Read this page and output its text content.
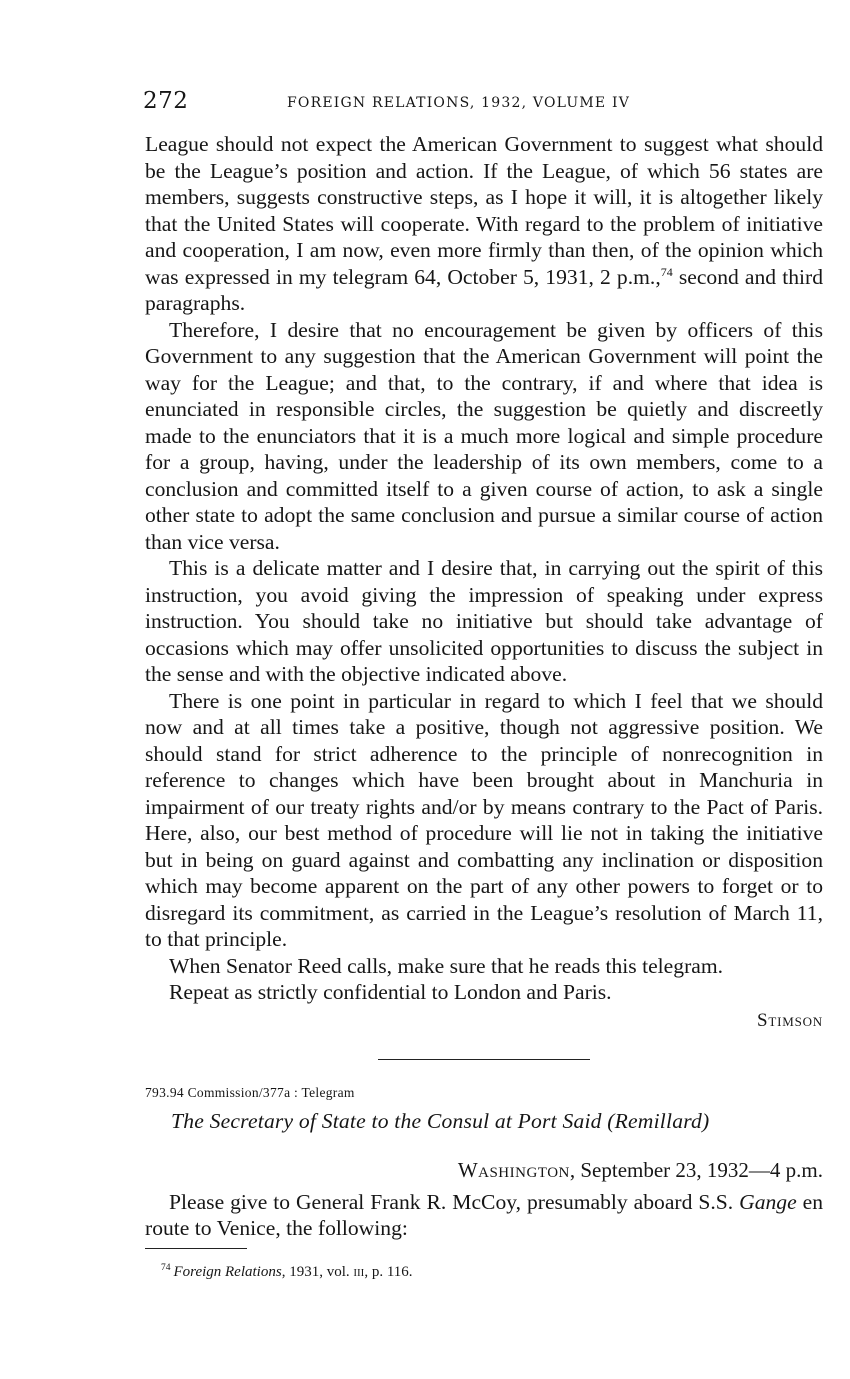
272	FOREIGN RELATIONS, 1932, VOLUME IV

League should not expect the American Government to suggest what should be the League’s position and action. If the League, of which 56 states are members, suggests constructive steps, as I hope it will, it is altogether likely that the United States will cooperate. With regard to the problem of initiative and cooperation, I am now, even more firmly than then, of the opinion which was expressed in my telegram 64, October 5, 1931, 2 p.m.,$^{74}$ second and third paragraphs.

Therefore, I desire that no encouragement be given by officers of this Government to any suggestion that the American Government will point the way for the League; and that, to the contrary, if and where that idea is enunciated in responsible circles, the suggestion be quietly and discreetly made to the enunciators that it is a much more logical and simple procedure for a group, having, under the leadership of its own members, come to a conclusion and committed itself to a given course of action, to ask a single other state to adopt the same conclusion and pursue a similar course of action than vice versa.

This is a delicate matter and I desire that, in carrying out the spirit of this instruction, you avoid giving the impression of speaking under express instruction. You should take no initiative but should take advantage of occasions which may offer unsolicited opportunities to discuss the subject in the sense and with the objective indicated above.

There is one point in particular in regard to which I feel that we should now and at all times take a positive, though not aggressive position. We should stand for strict adherence to the principle of nonrecognition in reference to changes which have been brought about in Manchuria in impairment of our treaty rights and/or by means contrary to the Pact of Paris. Here, also, our best method of procedure will lie not in taking the initiative but in being on guard against and combatting any inclination or disposition which may become apparent on the part of any other powers to forget or to disregard its commitment, as carried in the League’s resolution of March 11, to that principle.

When Senator Reed calls, make sure that he reads this telegram.

Repeat as strictly confidential to London and Paris.

Stimson
793.94 Commission/377a : Telegram
The Secretary of State to the Consul at Port Said (Remillard)
Washington, September 23, 1932—4 p.m.

Please give to General Frank R. McCoy, presumably aboard S.S. Gange en route to Venice, the following:

$^{74}$ Foreign Relations, 1931, vol. iii, p. 116.
